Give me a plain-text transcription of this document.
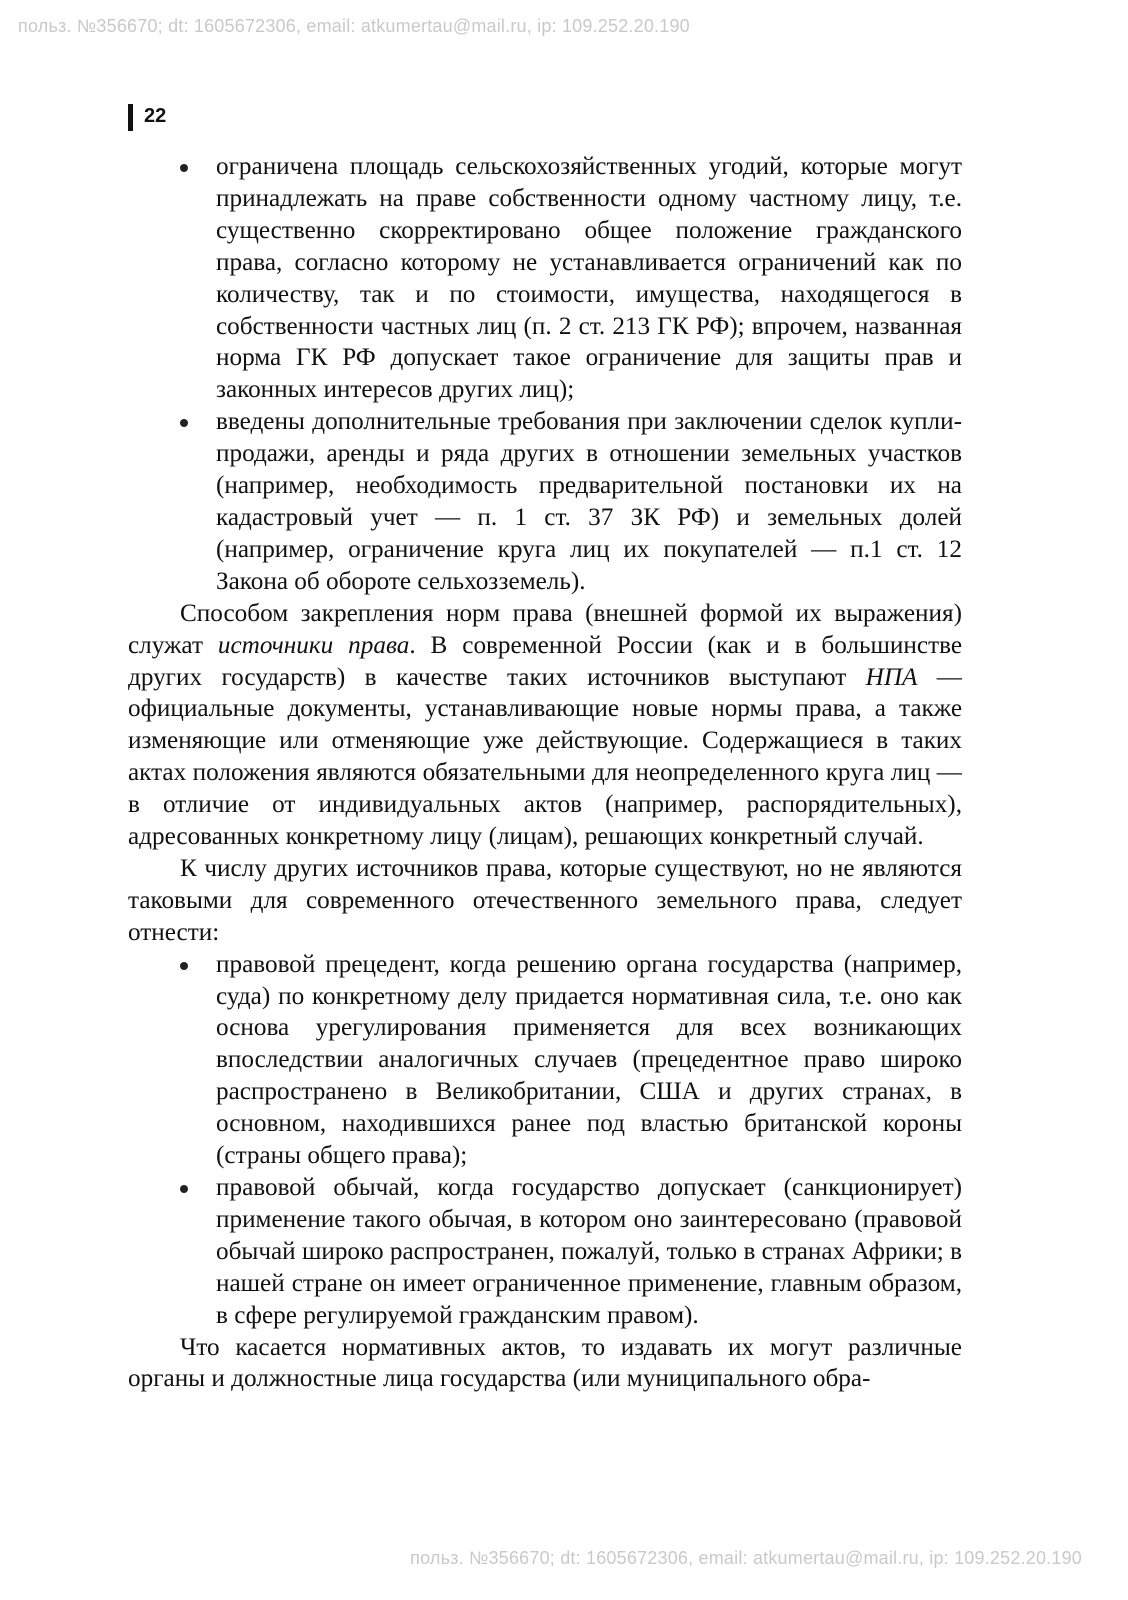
польз. №356670; dt: 1605672306, email: atkumertau@mail.ru, ip: 109.252.20.190
22
ограничена площадь сельскохозяйственных угодий, которые могут принадлежать на праве собственности одному частному лицу, т.е. существенно скорректировано общее положение гражданского права, согласно которому не устанавливается ограничений как по количеству, так и по стоимости, имущества, находящегося в собственности частных лиц (п. 2 ст. 213 ГК РФ); впрочем, названная норма ГК РФ допускает такое ограничение для защиты прав и законных интересов других лиц);
введены дополнительные требования при заключении сделок купли-продажи, аренды и ряда других в отношении земельных участков (например, необходимость предварительной постановки их на кадастровый учет — п. 1 ст. 37 ЗК РФ) и земельных долей (например, ограничение круга лиц их покупателей — п.1 ст. 12 Закона об обороте сельхозземель).

Способом закрепления норм права (внешней формой их выражения) служат источники права. В современной России (как и в большинстве других государств) в качестве таких источников выступают НПА — официальные документы, устанавливающие новые нормы права, а также изменяющие или отменяющие уже действующие. Содержащиеся в таких актах положения являются обязательными для неопределенного круга лиц — в отличие от индивидуальных актов (например, распорядительных), адресованных конкретному лицу (лицам), решающих конкретный случай.

К числу других источников права, которые существуют, но не являются таковыми для современного отечественного земельного права, следует отнести:

правовой прецедент, когда решению органа государства (например, суда) по конкретному делу придается нормативная сила, т.е. оно как основа урегулирования применяется для всех возникающих впоследствии аналогичных случаев (прецедентное право широко распространено в Великобритании, США и других странах, в основном, находившихся ранее под властью британской короны (страны общего права);
правовой обычай, когда государство допускает (санкционирует) применение такого обычая, в котором оно заинтересовано (правовой обычай широко распространен, пожалуй, только в странах Африки; в нашей стране он имеет ограниченное применение, главным образом, в сфере регулируемой гражданским правом).

Что касается нормативных актов, то издавать их могут различные органы и должностные лица государства (или муниципального обра-

польз. №356670; dt: 1605672306, email: atkumertau@mail.ru, ip: 109.252.20.190
